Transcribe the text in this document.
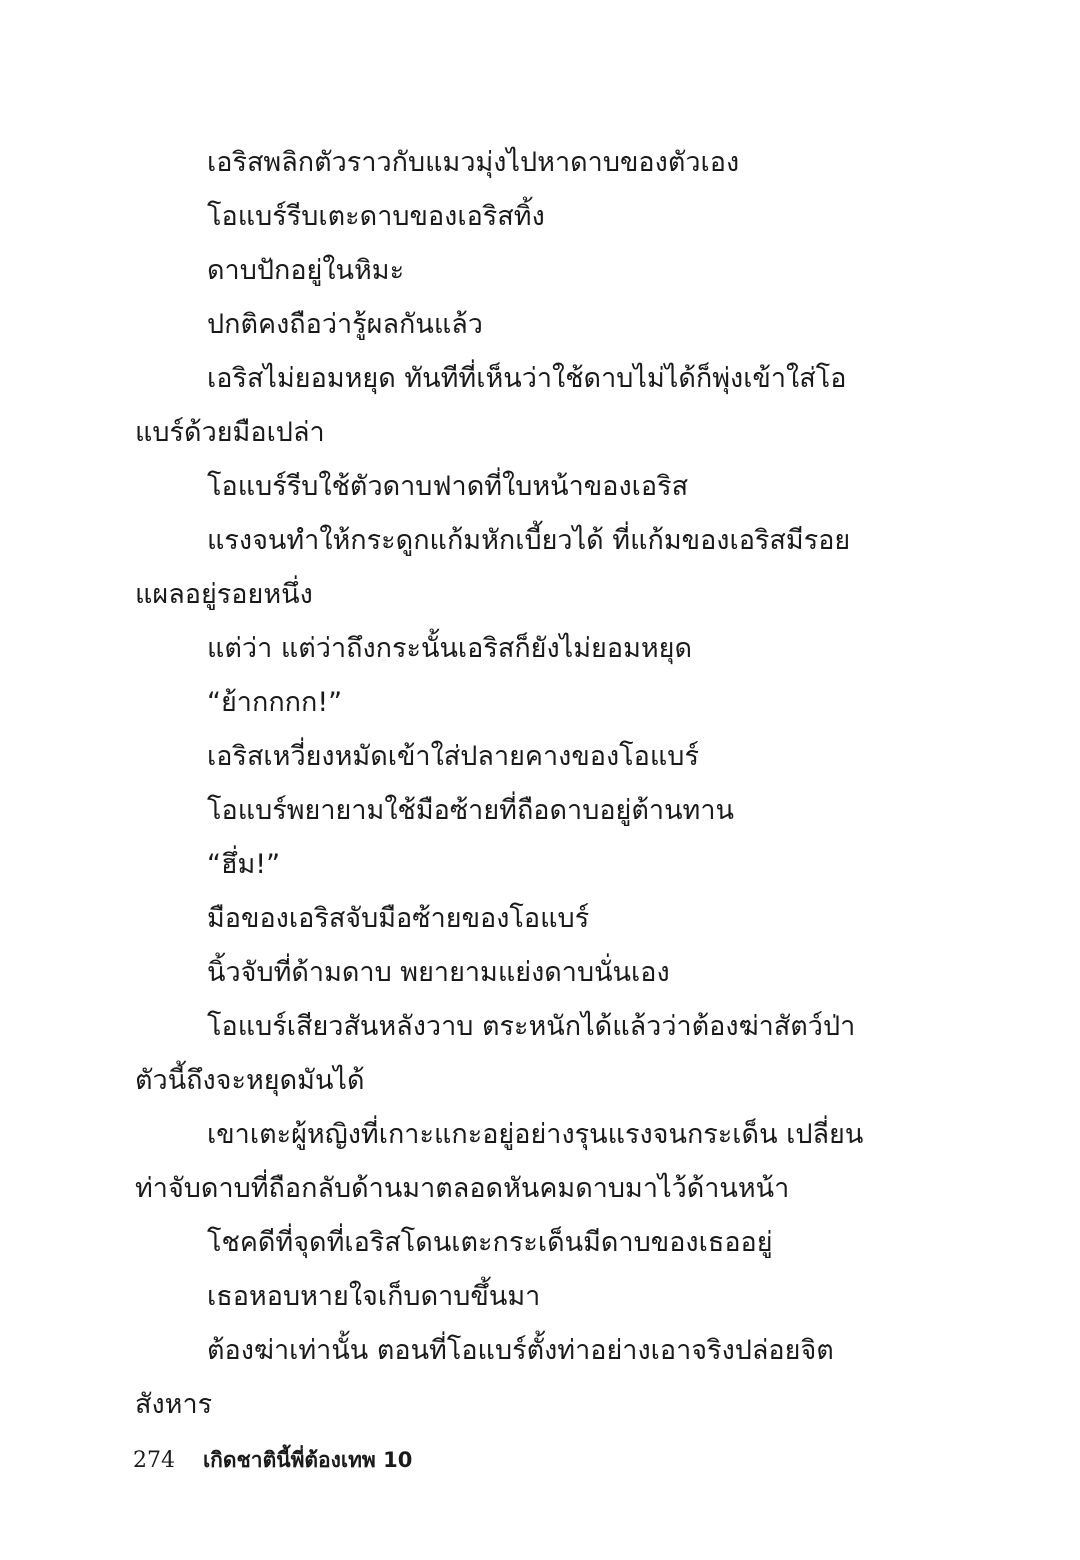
เอริสพลิกตัวราวกับแมวมุ่งไปหาดาบของตัวเอง

โอแบร์รีบเตะดาบของเอริสทิ้ง

ดาบปักอยู่ในหิมะ

ปกติคงถือว่ารู้ผลกันแล้ว

เอริสไม่ยอมหยุด ทันทีที่เห็นว่าใช้ดาบไม่ได้ก็พุ่งเข้าใส่โอแบร์ด้วยมือเปล่า

โอแบร์รีบใช้ตัวดาบฟาดที่ใบหน้าของเอริส

แรงจนทำให้กระดูกแก้มหักเบี้ยวได้ ที่แก้มของเอริสมีรอยแผลอยู่รอยหนึ่ง

แต่ว่า แต่ว่าถึงกระนั้นเอริสก็ยังไม่ยอมหยุด

“ย้ากกกก!”

เอริสเหวี่ยงหมัดเข้าใส่ปลายคางของโอแบร์

โอแบร์พยายามใช้มือซ้ายที่ถือดาบอยู่ต้านทาน

“ฮึ่ม!”

มือของเอริสจับมือซ้ายของโอแบร์

นิ้วจับที่ด้ามดาบ พยายามแย่งดาบนั่นเอง

โอแบร์เสียวสันหลังวาบ ตระหนักได้แล้วว่าต้องฆ่าสัตว์ป่าตัวนี้ถึงจะหยุดมันได้

เขาเตะผู้หญิงที่เกาะแกะอยู่อย่างรุนแรงจนกระเด็น เปลี่ยนท่าจับดาบที่ถือกลับด้านมาตลอดหันคมดาบมาไว้ด้านหน้า

โชคดีที่จุดที่เอริสโดนเตะกระเด็นมีดาบของเธออยู่

เธอหอบหายใจเก็บดาบขึ้นมา

ต้องฆ่าเท่านั้น ตอนที่โอแบร์ตั้งท่าอย่างเอาจริงปล่อยจิตสังหาร

274 เกิดชาตินี้พี่ต้องเทพ 10
